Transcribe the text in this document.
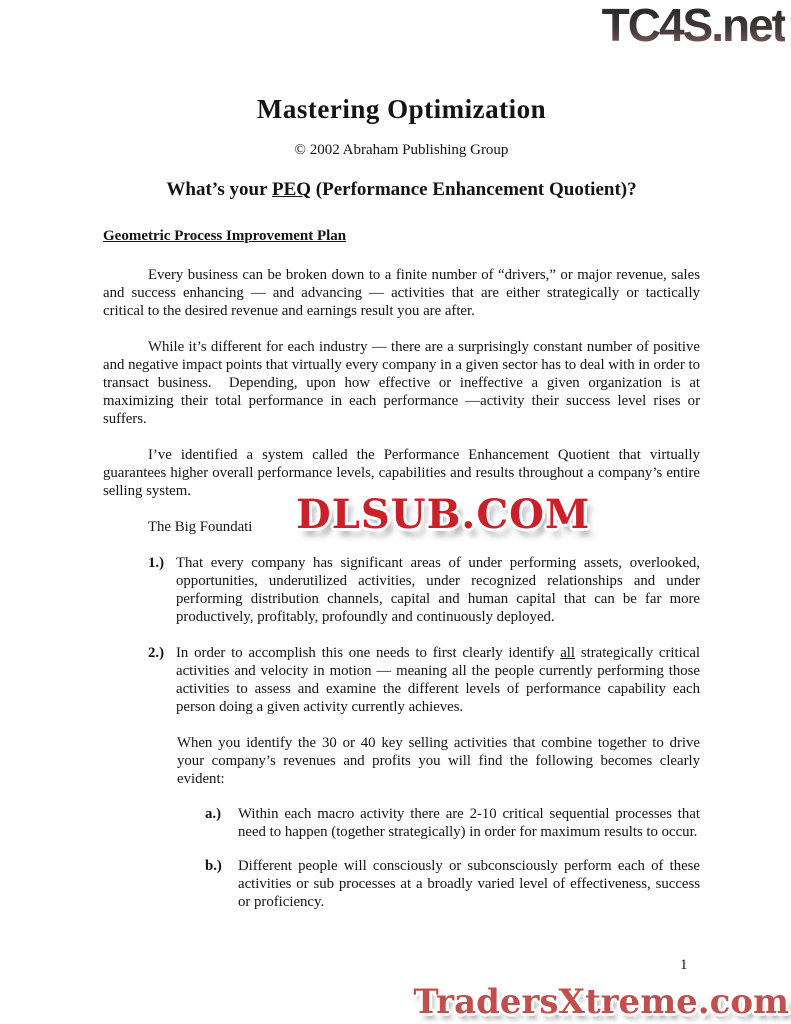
TC4S.net
Mastering Optimization
© 2002 Abraham Publishing Group
What’s your PEQ (Performance Enhancement Quotient)?
Geometric Process Improvement Plan

Every business can be broken down to a finite number of “drivers,” or major revenue, sales and success enhancing — and advancing — activities that are either strategically or tactically critical to the desired revenue and earnings result you are after.

While it’s different for each industry — there are a surprisingly constant number of positive and negative impact points that virtually every company in a given sector has to deal with in order to transact business.  Depending, upon how effective or ineffective a given organization is at maximizing their total performance in each performance —activity their success level rises or suffers.

I’ve identified a system called the Performance Enhancement Quotient that virtually guarantees higher overall performance levels, capabilities and results throughout a company’s entire selling system.

The Big Foundati	DLSUB.COM

1.) That every company has significant areas of under performing assets, overlooked, opportunities, underutilized activities, under recognized relationships and under performing distribution channels, capital and human capital that can be far more productively, profitably, profoundly and continuously deployed.
2.) In order to accomplish this one needs to first clearly identify all strategically critical activities and velocity in motion — meaning all the people currently performing those activities to assess and examine the different levels of performance capability each person doing a given activity currently achieves.

When you identify the 30 or 40 key selling activities that combine together to drive your company’s revenues and profits you will find the following becomes clearly evident:

a.)	Within each macro activity there are 2-10 critical sequential processes that need to happen (together strategically) in order for maximum results to occur.
b.)	Different people will consciously or subconsciously perform each of these activities or sub processes at a broadly varied level of effectiveness, success or proficiency.
1
TradersXtreme.com
